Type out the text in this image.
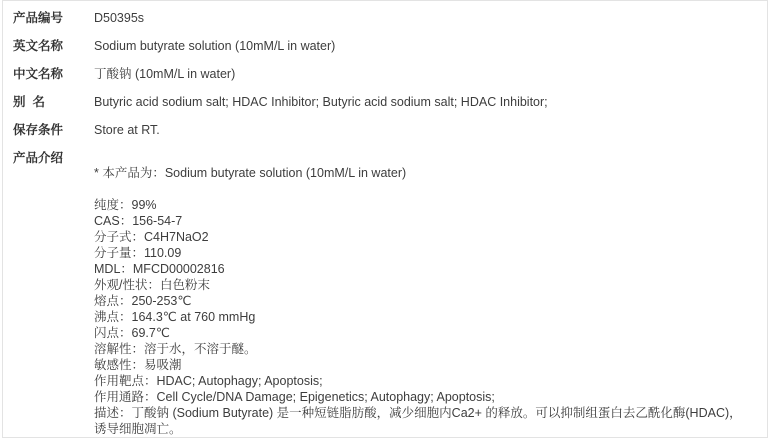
产品编号	D50395s
英文名称	Sodium butyrate solution (10mM/L in water)
中文名称	丁酸钠 (10mM/L in water)
别  名	Butyric acid sodium salt; HDAC Inhibitor; Butyric acid sodium salt; HDAC Inhibitor;
保存条件	Store at RT.
产品介绍
* 本产品为：Sodium butyrate solution (10mM/L in water)
纯度：99%
CAS：156-54-7
分子式：C4H7NaO2
分子量：110.09
MDL：MFCD00002816
外观/性状：白色粉末
熔点：250-253℃
沸点：164.3℃ at 760 mmHg
闪点：69.7℃
溶解性：溶于水，不溶于醚。
敏感性：易吸潮
作用靶点：HDAC; Autophagy; Apoptosis;
作用通路：Cell Cycle/DNA Damage; Epigenetics; Autophagy; Apoptosis;
描述：丁酸钠 (Sodium Butyrate) 是一种短链脂肪酸，减少细胞内Ca2+ 的释放。可以抑制组蛋白去乙酰化酶(HDAC)，诱导细胞凋亡。
